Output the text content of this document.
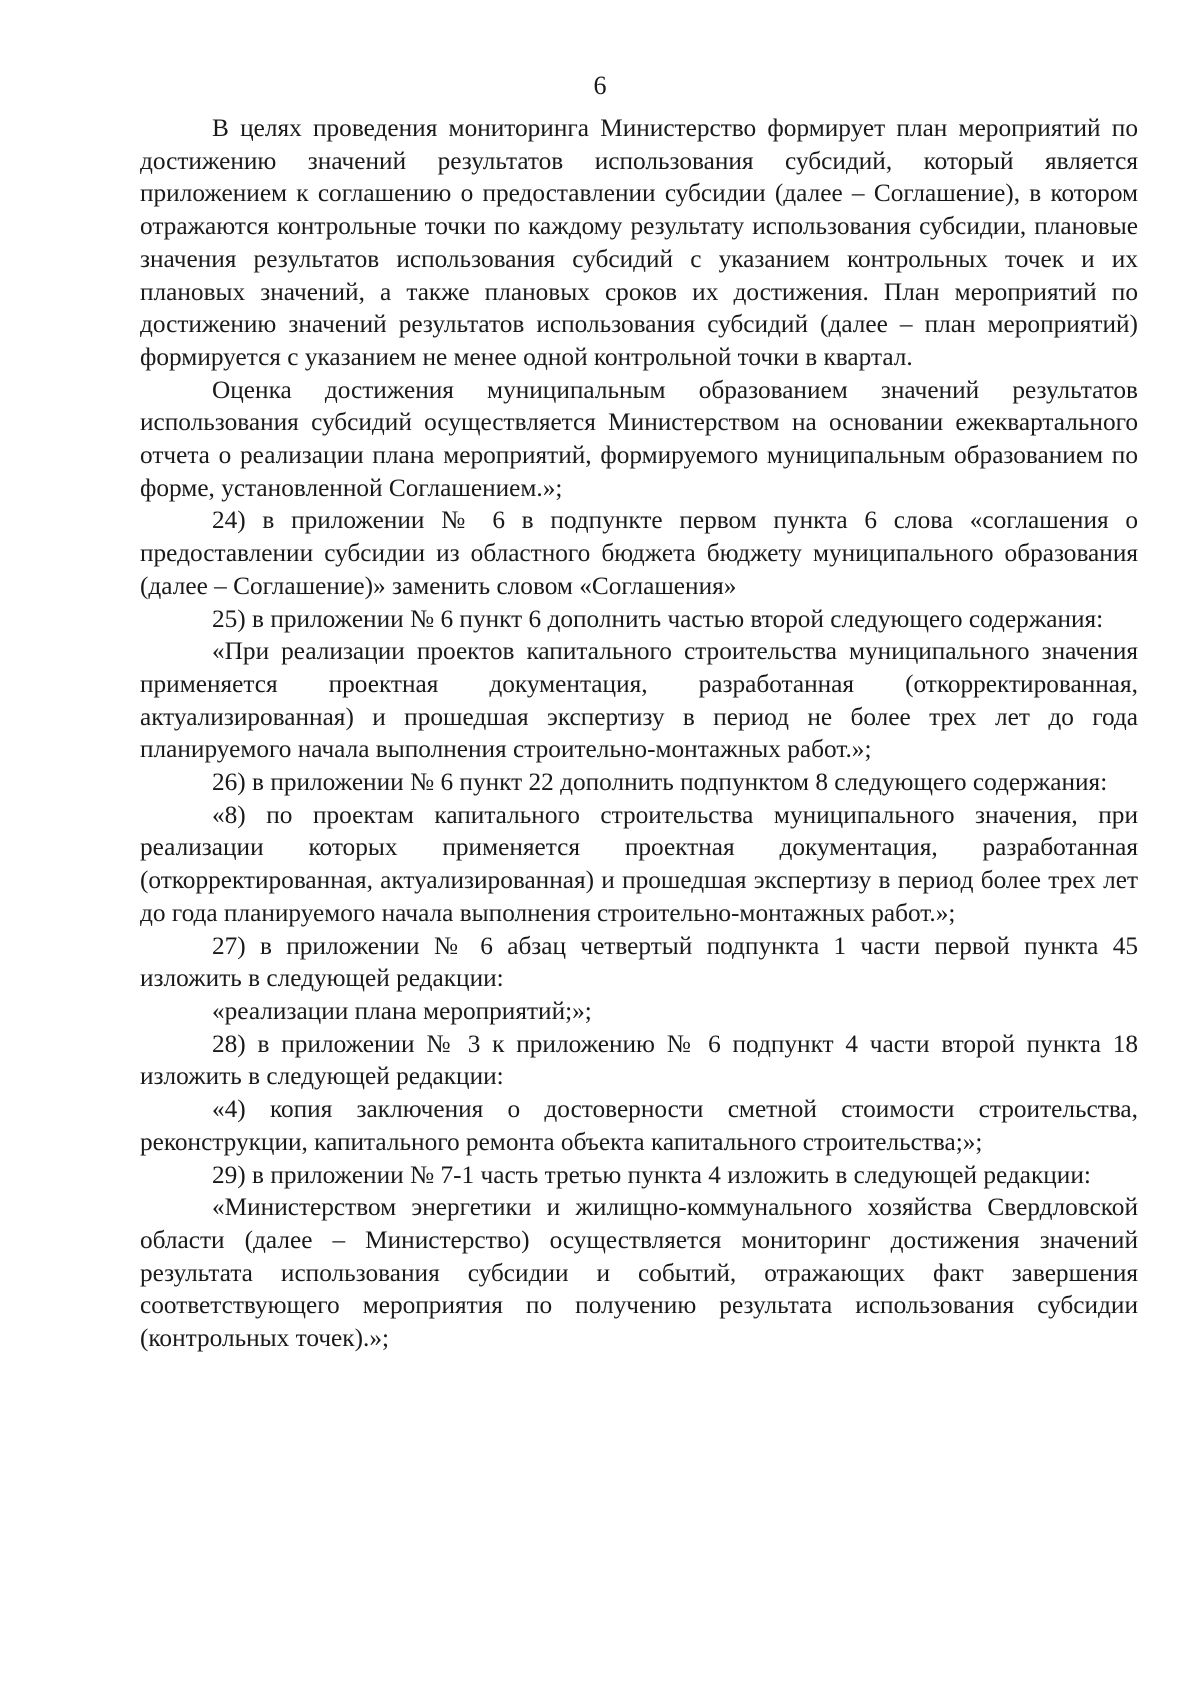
6

В целях проведения мониторинга Министерство формирует план мероприятий по достижению значений результатов использования субсидий, который является приложением к соглашению о предоставлении субсидии (далее – Соглашение), в котором отражаются контрольные точки по каждому результату использования субсидии, плановые значения результатов использования субсидий с указанием контрольных точек и их плановых значений, а также плановых сроков их достижения. План мероприятий по достижению значений результатов использования субсидий (далее – план мероприятий) формируется с указанием не менее одной контрольной точки в квартал.

Оценка достижения муниципальным образованием значений результатов использования субсидий осуществляется Министерством на основании ежеквартального отчета о реализации плана мероприятий, формируемого муниципальным образованием по форме, установленной Соглашением.»;

24) в приложении № 6 в подпункте первом пункта 6 слова «соглашения о предоставлении субсидии из областного бюджета бюджету муниципального образования (далее – Соглашение)» заменить словом «Соглашения»

25) в приложении № 6 пункт 6 дополнить частью второй следующего содержания:

«При реализации проектов капитального строительства муниципального значения применяется проектная документация, разработанная (откорректированная, актуализированная) и прошедшая экспертизу в период не более трех лет до года планируемого начала выполнения строительно-монтажных работ.»;

26) в приложении № 6 пункт 22 дополнить подпунктом 8 следующего содержания:

«8) по проектам капитального строительства муниципального значения, при реализации которых применяется проектная документация, разработанная (откорректированная, актуализированная) и прошедшая экспертизу в период более трех лет до года планируемого начала выполнения строительно-монтажных работ.»;

27) в приложении № 6 абзац четвертый подпункта 1 части первой пункта 45 изложить в следующей редакции:

«реализации плана мероприятий;»;

28) в приложении № 3 к приложению № 6 подпункт 4 части второй пункта 18 изложить в следующей редакции:

«4) копия заключения о достоверности сметной стоимости строительства, реконструкции, капитального ремонта объекта капитального строительства;»;

29) в приложении № 7-1 часть третью пункта 4 изложить в следующей редакции:

«Министерством энергетики и жилищно-коммунального хозяйства Свердловской области (далее – Министерство) осуществляется мониторинг достижения значений результата использования субсидии и событий, отражающих факт завершения соответствующего мероприятия по получению результата использования субсидии (контрольных точек).»;
